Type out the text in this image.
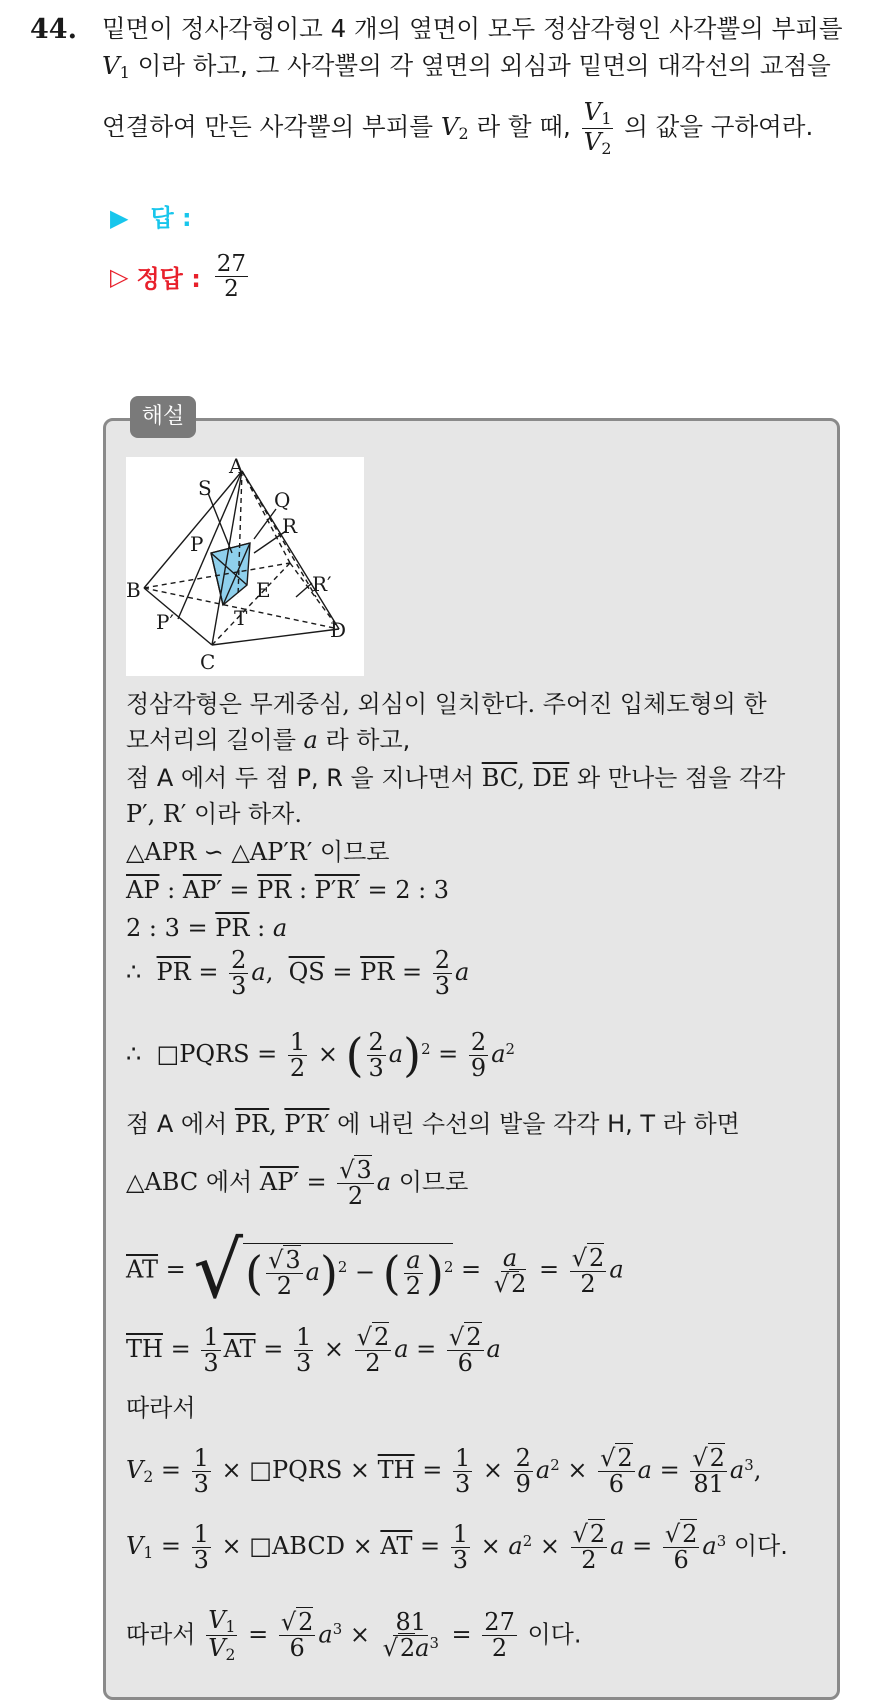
44. 밑면이 정사각형이고 4 개의 옆면이 모두 정삼각형인 사각뿔의 부피를
$V_1$ 이라 하고, 그 사각뿔의 각 옆면의 외심과 밑면의 대각선의 교점을
연결하여 만든 사각뿔의 부피를 $V_2$ 라 할 때, $\frac{V_1}{V_2}$ 의 값을 구하여라.
▶ 답 :
▷ 정답 : $\frac{27}{2}$
해설
A
S	Q
R
P
B	E R′
P′	T	D
C
정삼각형은 무게중심, 외심이 일치한다. 주어진 입체도형의 한
모서리의 길이를 a 라 하고,
점 A 에서 두 점 P, R 을 지나면서 $\overline{BC}$, $\overline{DE}$ 와 만나는 점을 각각
P′, R′ 이라 하자.
△APR ∽ △AP′R′ 이므로
$\overline{AP}$ : $AP' = \overline{PR}$ : P′R′ = 2 : 3
2 : $3 = \overline{PR}$ : a
∴  $\overline{PR} = \frac{2}{3} a$,  $\overline{QS} = \overline{PR} = \frac{2}{3}$ a
∴  □PQRS = $\frac{1}{2}$ × ( $\frac{2}{3} a)^2 = \frac{2}{9} a^2$
점 A 에서 $\overline{PR}$, P′R′ 에 내린 수선의 발을 각각 H, T 라 하면
△ABC 에서 $AP' = \frac{√3}{2}$ a 이므로
$\overline{AT}$ = √( $\frac{√3}{2} a)^2$ − ( $\frac{a}{2} )^2 = \frac{a}{√2} = \frac{√2}{2}$ a
$\overline{TH} = \frac{1}{3} \overline{AT} = \frac{1}{3} \times \frac{√2}{2}$ $a = \frac{√2}{6}$ a
따라서
$V_2 = \frac{1}{3}$ × □PQRS × $\overline{TH} = \frac{1}{3} \times \frac{2}{9} a^2 \times \frac{√2}{6}$ $a = \frac{√2}{81} a^3$,
$V_1 = \frac{1}{3}$ × □ABCD × $\overline{AT} = \frac{1}{3} \times a^2 \times \frac{√2}{2}$ $a = \frac{√2}{6} a^3$ 이다.
따라서 $\frac{V_1}{V_2} = \frac{√2}{6} a^3 \times \frac{81}{√2a^3} = \frac{27}{2}$ 이다.
